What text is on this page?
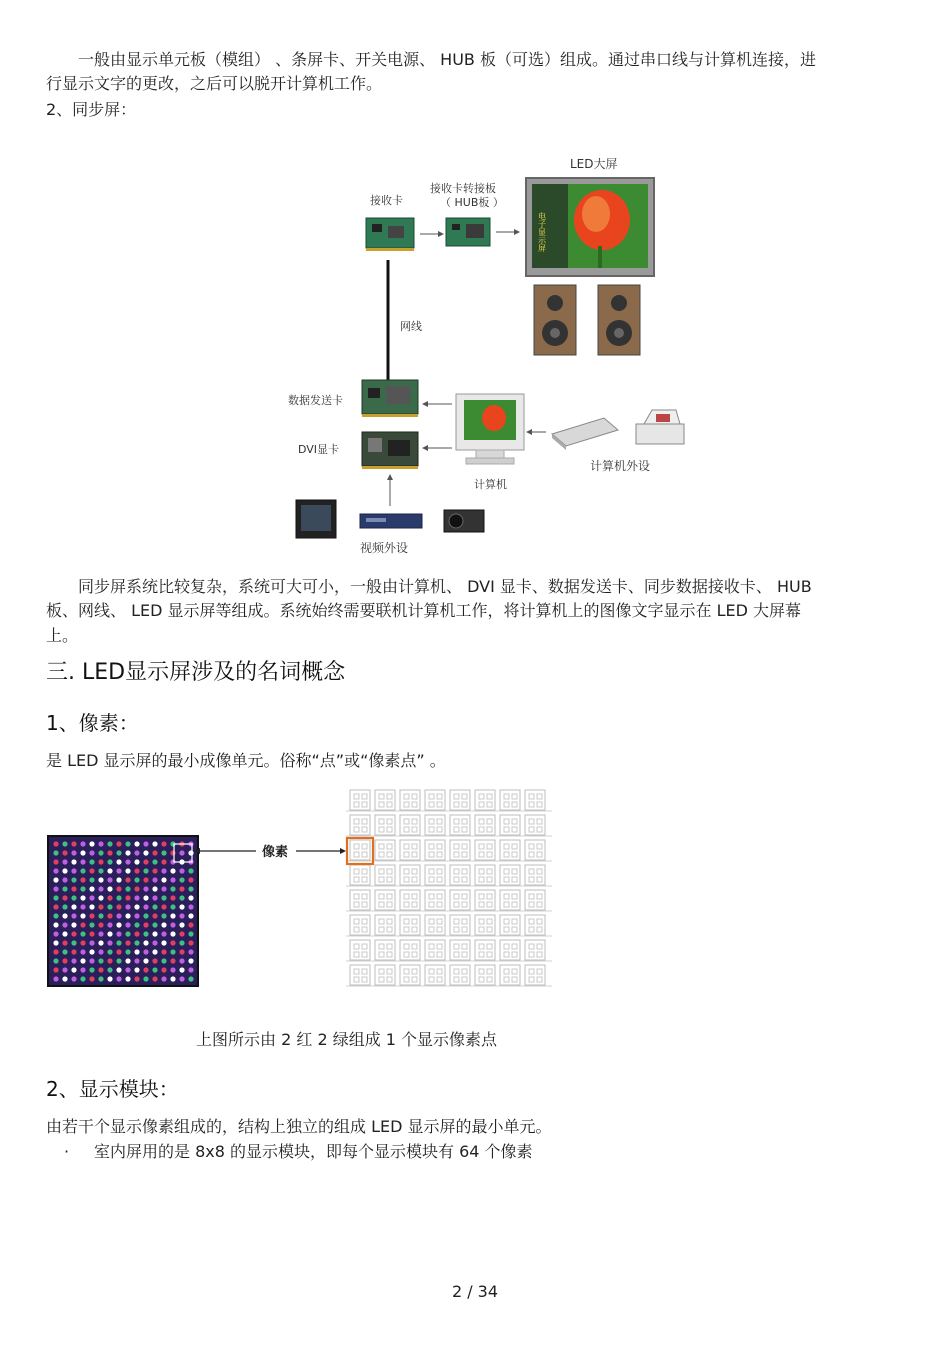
一般由显示单元板（模组） 、条屏卡、开关电源、 HUB 板（可选）组成。通过串口线与计算机连接，进
行显示文字的更改，之后可以脱开计算机工作。
2、同步屏：
LED大屏
电子显示屏
接收卡
接收卡转接板
（ HUB板 ）
网线
数据发送卡
DVI显卡
计算机
计算机外设
视频外设
同步屏系统比较复杂，系统可大可小，一般由计算机、 DVI 显卡、数据发送卡、同步数据接收卡、 HUB
板、网线、 LED 显示屏等组成。系统始终需要联机计算机工作，将计算机上的图像文字显示在 LED 大屏幕
上。
三. LED显示屏涉及的名词概念
1、像素：
是 LED 显示屏的最小成像单元。俗称“点”或“像素点” 。
像素
上图所示由 2 红 2 绿组成 1 个显示像素点
2、显示模块：
由若干个显示像素组成的，结构上独立的组成 LED 显示屏的最小单元。
· 室内屏用的是 8x8 的显示模块，即每个显示模块有 64 个像素
2 / 34
